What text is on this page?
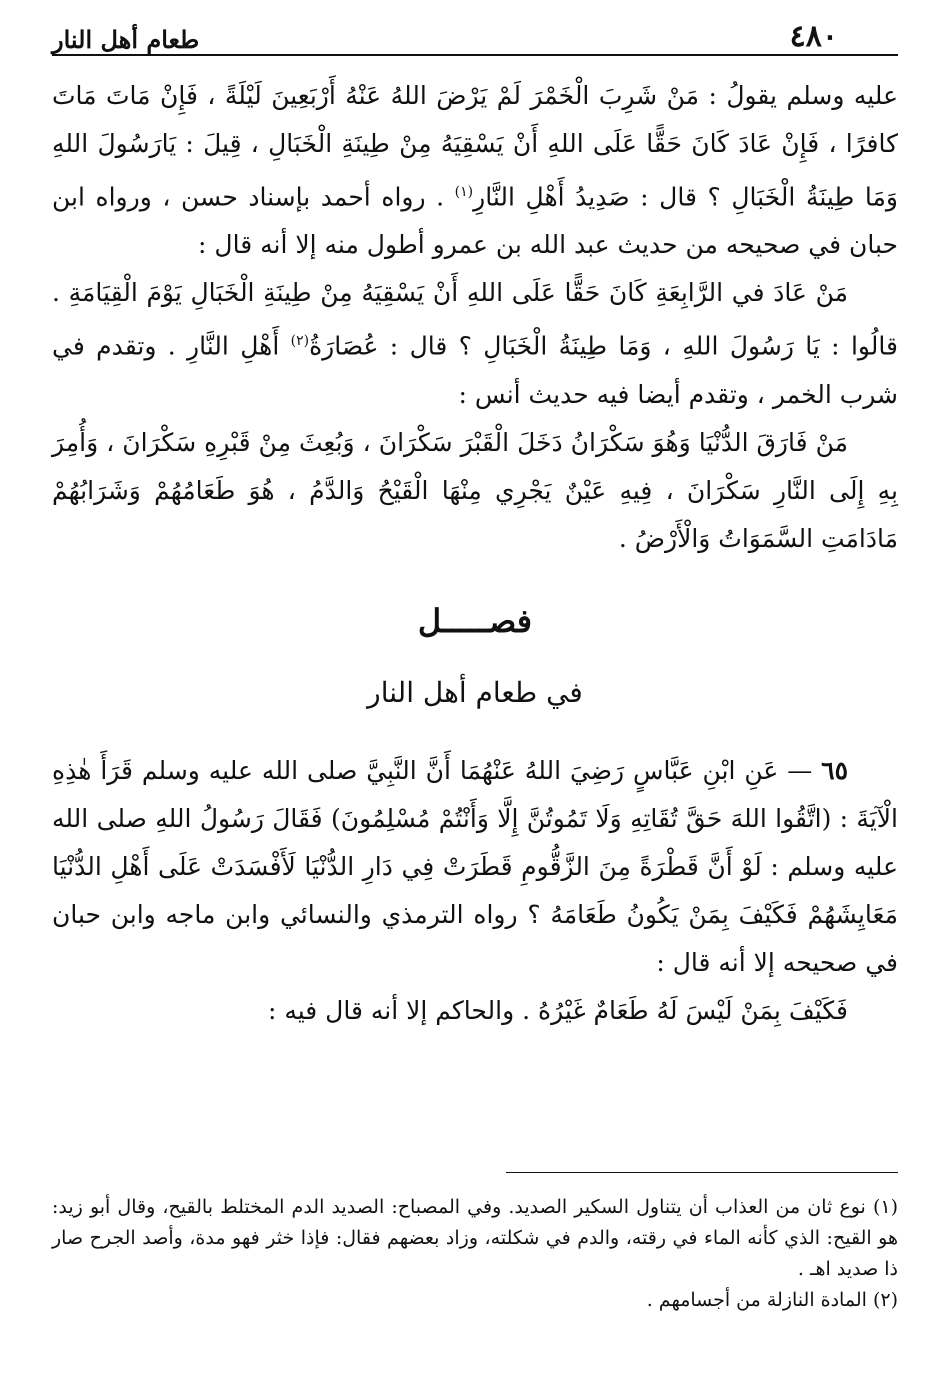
طعام أهل النار	٤٨٠

عليه وسلم يقولُ : مَنْ شَرِبَ الْخَمْرَ لَمْ يَرْضَ اللهُ عَنْهُ أَرْبَعِينَ لَيْلَةً ، فَإِنْ مَاتَ مَاتَ كافرًا ، فَإِنْ عَادَ كَانَ حَقًّا عَلَى اللهِ أَنْ يَسْقِيَهُ مِنْ طِينَةِ الْخَبَالِ ، قِيلَ : يَارَسُولَ اللهِ وَمَا طِينَةُ الْخَبَالِ ؟ قال : صَدِيدُ أَهْلِ النَّارِ$^{(١)}$ . رواه أحمد بإسناد حسن ، ورواه ابن حبان في صحيحه من حديث عبد الله بن عمرو أطول منه إلا أنه قال :

مَنْ عَادَ في الرَّابِعَةِ كَانَ حَقًّا عَلَى اللهِ أَنْ يَسْقِيَهُ مِنْ طِينَةِ الْخَبَالِ يَوْمَ الْقِيَامَةِ . قالُوا : يَا رَسُولَ اللهِ ، وَمَا طِينَةُ الْخَبَالِ ؟ قال : عُصَارَةُ$^{(٢)}$ أَهْلِ النَّارِ . وتقدم في شرب الخمر ، وتقدم أيضا فيه حديث أنس :

مَنْ فَارَقَ الدُّنْيَا وَهُوَ سَكْرَانُ دَخَلَ الْقَبْرَ سَكْرَانَ ، وَبُعِثَ مِنْ قَبْرِهِ سَكْرَانَ ، وَأُمِرَ بِهِ إِلَى النَّارِ سَكْرَانَ ، فِيهِ عَيْنٌ يَجْرِي مِنْهَا الْقَيْحُ وَالدَّمُ ، هُوَ طَعَامُهُمْ وَشَرَابُهُمْ مَادَامَتِ السَّمَوَاتُ وَالْأَرْضُ .

فصـــــل
في طعام أهل النار

٦٥ — عَنِ ابْنِ عَبَّاسٍ رَضِيَ اللهُ عَنْهُمَا أَنَّ النَّبِيَّ صلى الله عليه وسلم قَرَأَ هٰذِهِ الْآيَةَ : (اتَّقُوا اللهَ حَقَّ تُقَاتِهِ وَلَا تَمُوتُنَّ إِلَّا وَأَنْتُمْ مُسْلِمُونَ) فَقَالَ رَسُولُ اللهِ صلى الله عليه وسلم : لَوْ أَنَّ قَطْرَةً مِنَ الزَّقُّومِ قَطَرَتْ فِي دَارِ الدُّنْيَا لَأَفْسَدَتْ عَلَى أَهْلِ الدُّنْيَا مَعَايِشَهُمْ فَكَيْفَ بِمَنْ يَكُونُ طَعَامَهُ ؟ رواه الترمذي والنسائي وابن ماجه وابن حبان في صحيحه إلا أنه قال :

فَكَيْفَ بِمَنْ لَيْسَ لَهُ طَعَامٌ غَيْرُهُ . والحاكم إلا أنه قال فيه :

(١) نوع ثان من العذاب أن يتناول السكير الصديد. وفي المصباح: الصديد الدم المختلط بالقيح، وقال أبو زيد: هو القيح: الذي كأنه الماء في رقته، والدم في شكلته، وزاد بعضهم فقال: فإذا خثر فهو مدة، وأصد الجرح صار ذا صديد اهـ .

(٢) المادة النازلة من أجسامهم .
